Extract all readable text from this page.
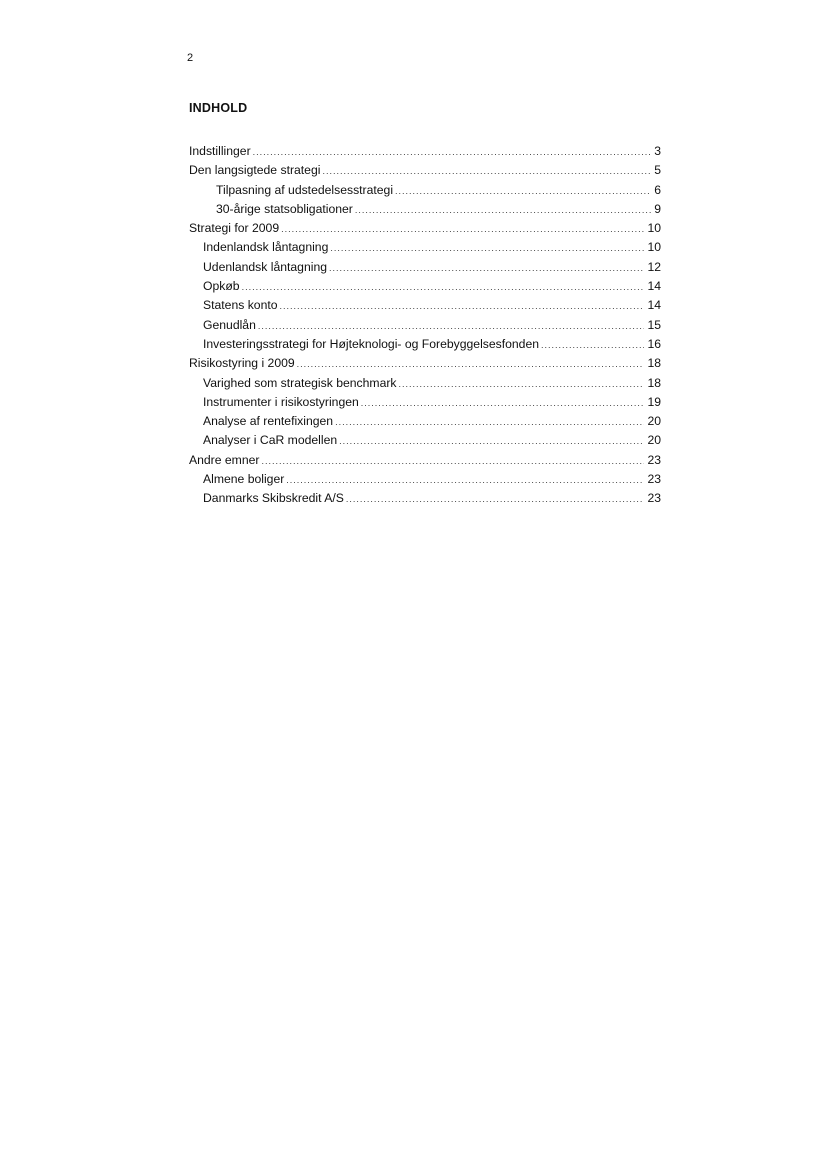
2
INDHOLD
Indstillinger .....	3
Den langsigtede strategi .....	5
Tilpasning af udstedelsesstrategi .....	6
30-årige statsobligationer .....	9
Strategi for 2009 .....	10
Indenlandsk låntagning .....	10
Udenlandsk låntagning .....	12
Opkøb .....	14
Statens konto .....	14
Genudlån .....	15
Investeringsstrategi for Højteknologi- og Forebyggelsesfonden .....	16
Risikostyring i 2009 .....	18
Varighed som strategisk benchmark .....	18
Instrumenter i risikostyringen .....	19
Analyse af rentefixingen .....	20
Analyser i CaR modellen .....	20
Andre emner .....	23
Almene boliger .....	23
Danmarks Skibskredit A/S .....	23
